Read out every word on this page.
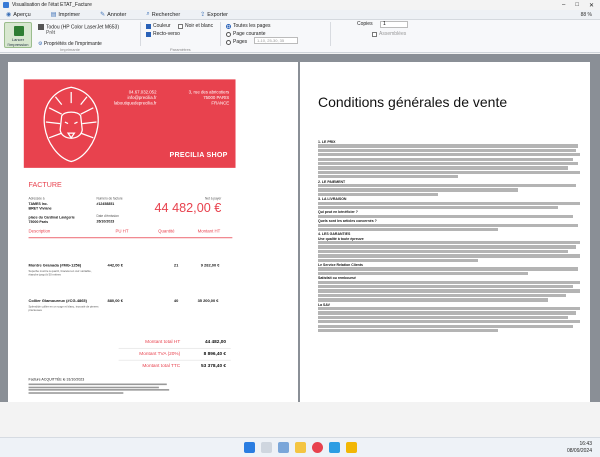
Visualisation de l'état ETAT_Facture	– □ ✕
◉ Aperçu	▤ Imprimer	✎ Annoter	⌕ Rechercher	⇪ Exporter	88 %
Lancer l'impression
Todou (HP Color LaserJet M653)
Prêt
⚙ Propriétés de l'imprimante
Imprimante
Couleur	Noir et blanc
Recto-verso
Paramètres
Toutes les pages
Page courante
Pages	1-10, 25-30, 35
Copies	1
Assemblées
04.67.032.052
info@precilia.fr
laboutiquedeprecilia.fr
3, rue des abricotiers
75000 PARIS
FRANCE
PRECILIA SHOP
FACTURE
Adressée à
TAMES Inc.
BRET Viviane
place du Cardinal Lavigerie
75000 Paris
Numéro de facture
#12458851
Date d'émission
26/10/2023
Net à payer
44 482,00 €
Description	PU HT	Quantité	Montant HT
Montre Granada (#MG-1256)
Superbe montre à quartz, bracelet en cuir véritable, étanche jusqu'à 50 mètres
442,00 €	21	9 282,00 €
Collier Glamoureux (#CG-4865)
Splendide collier en or rouge et blanc, incrusté de pierres précieuses
880,00 €	40	35 200,00 €
Montant total HT	44 482,00
Montant TVA (20%)	8 896,40 €
Montant total TTC	53 378,40 €
Facture ACQUITTÉE le 31/10/2023
Conditions générales de vente
1. LE PRIX
2. LE PAIEMENT
3. LA LIVRAISON
Qui peut en bénéficier ?
Quels sont les articles concernés ?
4. LES GARANTIES
Une qualité à toute épreuve
Le Service Relation Clients
Satisfait ou remboursé
La SAV
16:43
08/09/2024
